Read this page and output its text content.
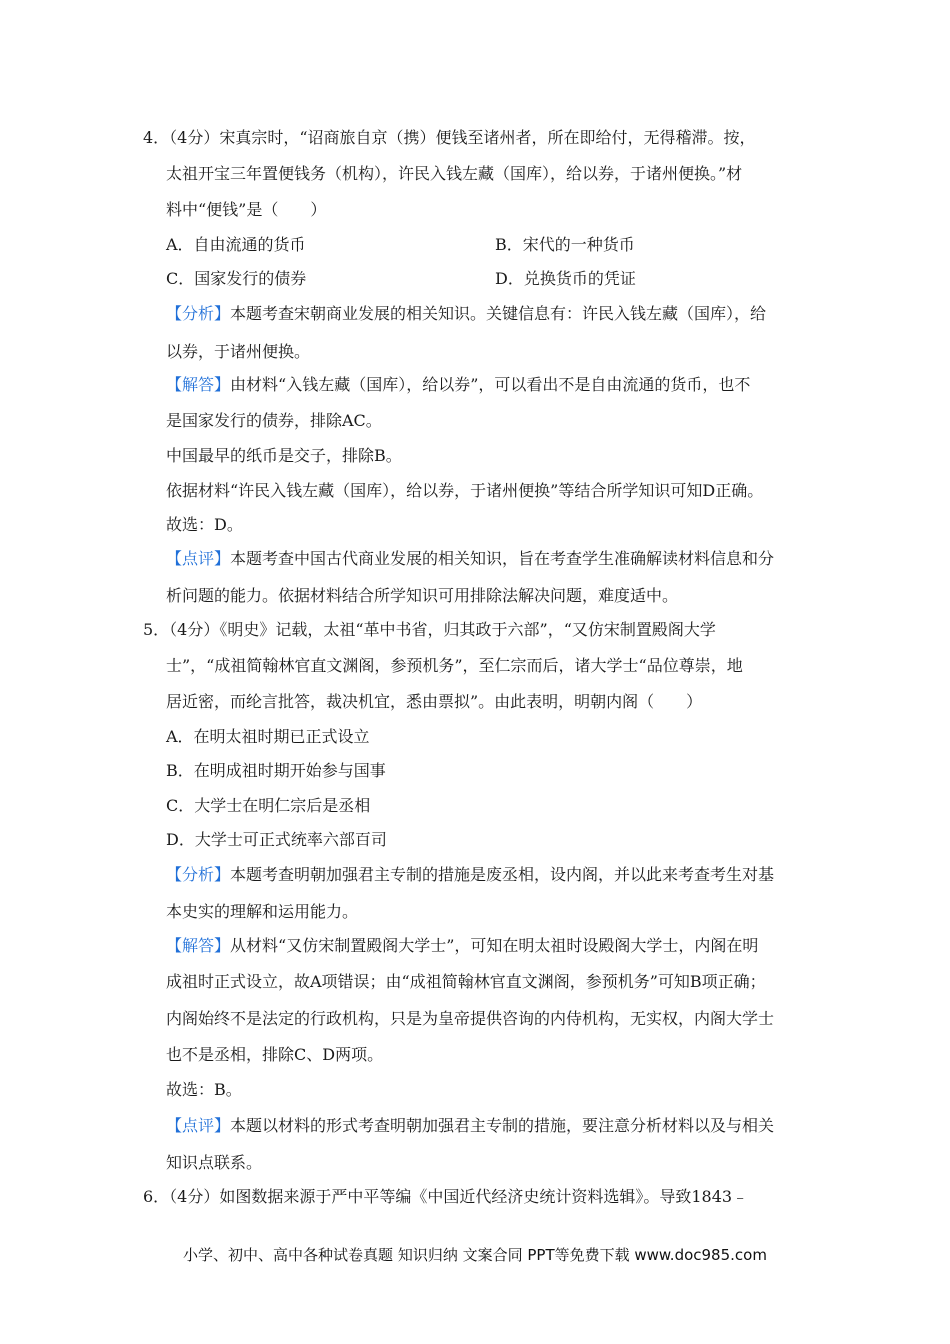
4．（4分）宋真宗时，“诏商旅自京（携）便钱至诸州者，所在即给付，无得稽滞。按，
太祖开宝三年置便钱务（机构），许民入钱左藏（国库），给以券，于诸州便换。”材
料中“便钱”是（　　）
A．自由流通的货币	B．宋代的一种货币
C．国家发行的债券	D．兑换货币的凭证
【分析】本题考查宋朝商业发展的相关知识。关键信息有：许民入钱左藏（国库），给
以券，于诸州便换。
【解答】由材料“入钱左藏（国库），给以券”，可以看出不是自由流通的货币，也不
是国家发行的债券，排除AC。
中国最早的纸币是交子，排除B。
依据材料“许民入钱左藏（国库），给以券，于诸州便换”等结合所学知识可知D正确。
故选：D。
【点评】本题考查中国古代商业发展的相关知识，旨在考查学生准确解读材料信息和分
析问题的能力。依据材料结合所学知识可用排除法解决问题，难度适中。
5．（4分）《明史》记载，太祖“革中书省，归其政于六部”，“又仿宋制置殿阁大学
士”，“成祖简翰林官直文渊阁，参预机务”，至仁宗而后，诸大学士“品位尊崇，地
居近密，而纶言批答，裁决机宜，悉由票拟”。由此表明，明朝内阁（　　）
A．在明太祖时期已正式设立
B．在明成祖时期开始参与国事
C．大学士在明仁宗后是丞相
D．大学士可正式统率六部百司
【分析】本题考查明朝加强君主专制的措施是废丞相，设内阁，并以此来考查考生对基
本史实的理解和运用能力。
【解答】从材料“又仿宋制置殿阁大学士”，可知在明太祖时设殿阁大学士，内阁在明
成祖时正式设立，故A项错误；由“成祖简翰林官直文渊阁，参预机务”可知B项正确；
内阁始终不是法定的行政机构，只是为皇帝提供咨询的内侍机构，无实权，内阁大学士
也不是丞相，排除C、D两项。
故选：B。
【点评】本题以材料的形式考查明朝加强君主专制的措施，要注意分析材料以及与相关
知识点联系。
6．（4分）如图数据来源于严中平等编《中国近代经济史统计资料选辑》。导致1843﹣
小学、初中、高中各种试卷真题 知识归纳 文案合同 PPT等免费下载 www.doc985.com
